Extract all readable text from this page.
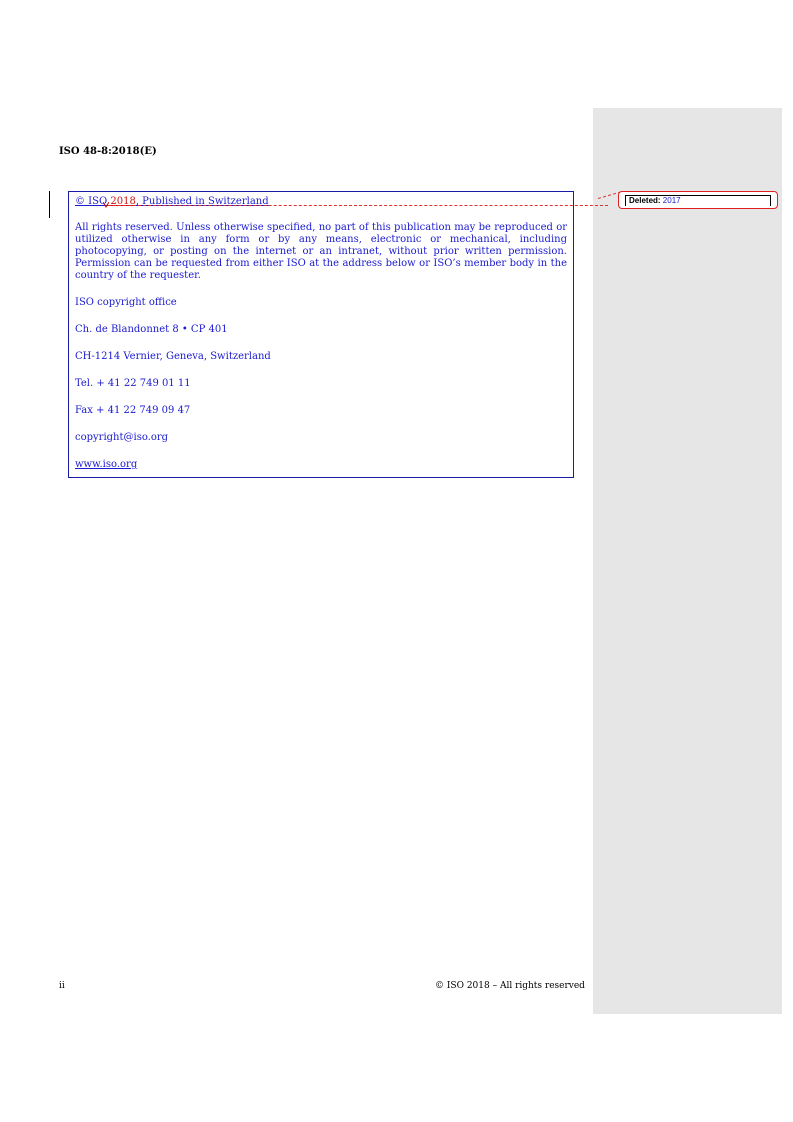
ISO 48-8:2018(E)

© ISO 2018, Published in Switzerland

All rights reserved. Unless otherwise specified, no part of this publication may be reproduced or utilized otherwise in any form or by any means, electronic or mechanical, including photocopying, or posting on the internet or an intranet, without prior written permission. Permission can be requested from either ISO at the address below or ISO’s member body in the country of the requester.

ISO copyright office

Ch. de Blandonnet 8 • CP 401

CH-1214 Vernier, Geneva, Switzerland

Tel. + 41 22 749 01 11

Fax + 41 22 749 09 47

copyright@iso.org

www.iso.org

Deleted: 2017
ii	© ISO 2018 – All rights reserved
